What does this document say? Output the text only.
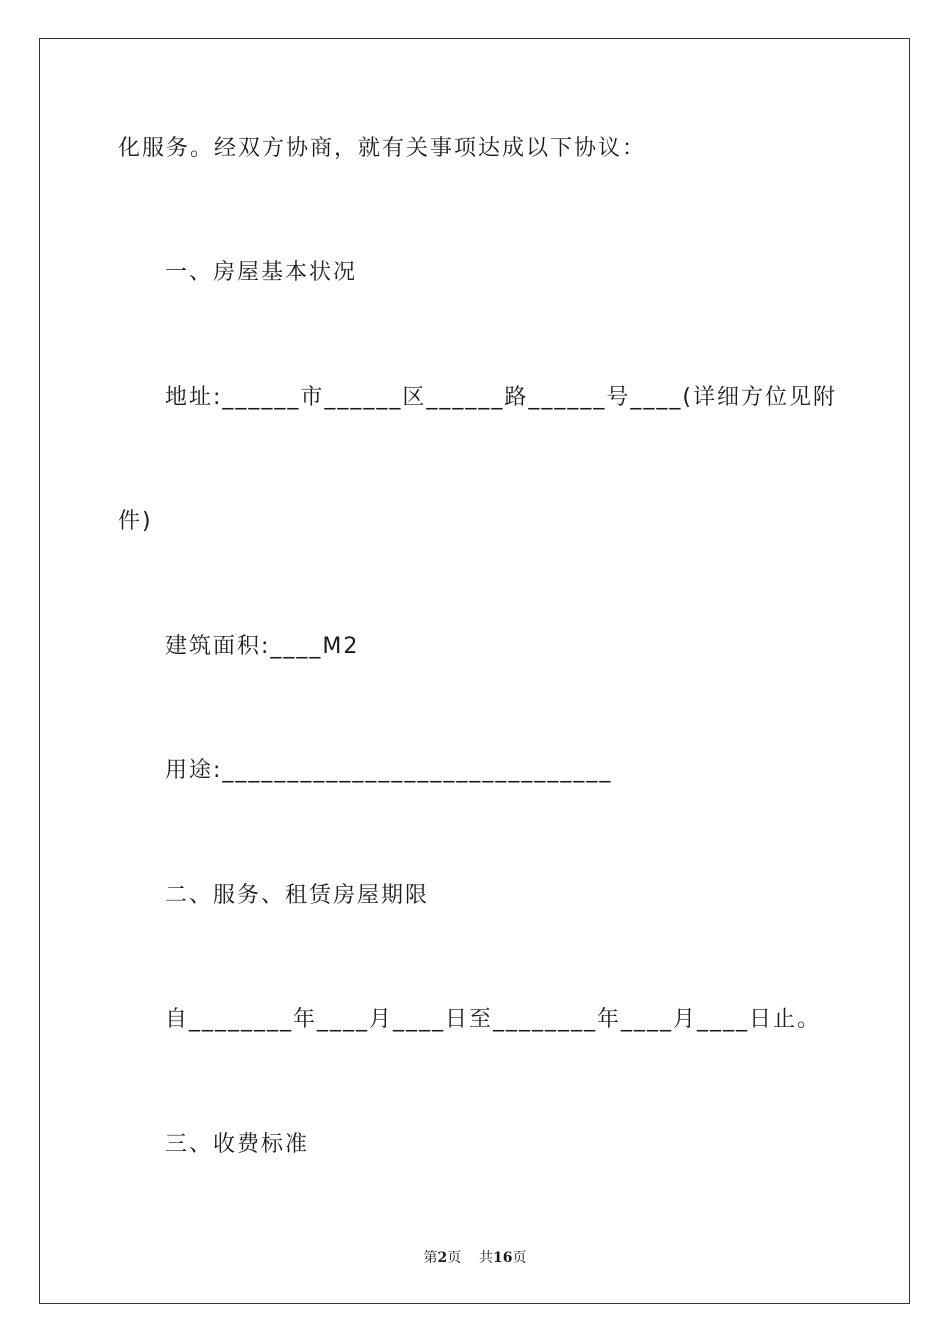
化服务。经双方协商，就有关事项达成以下协议：

一、房屋基本状况

地址:______市______区______路______号____(详细方位见附

件)

建筑面积:____M2

用途:______________________________

二、服务、租赁房屋期限

自________年____月____日至________年____月____日止。

三、收费标准

第2页 共16页
